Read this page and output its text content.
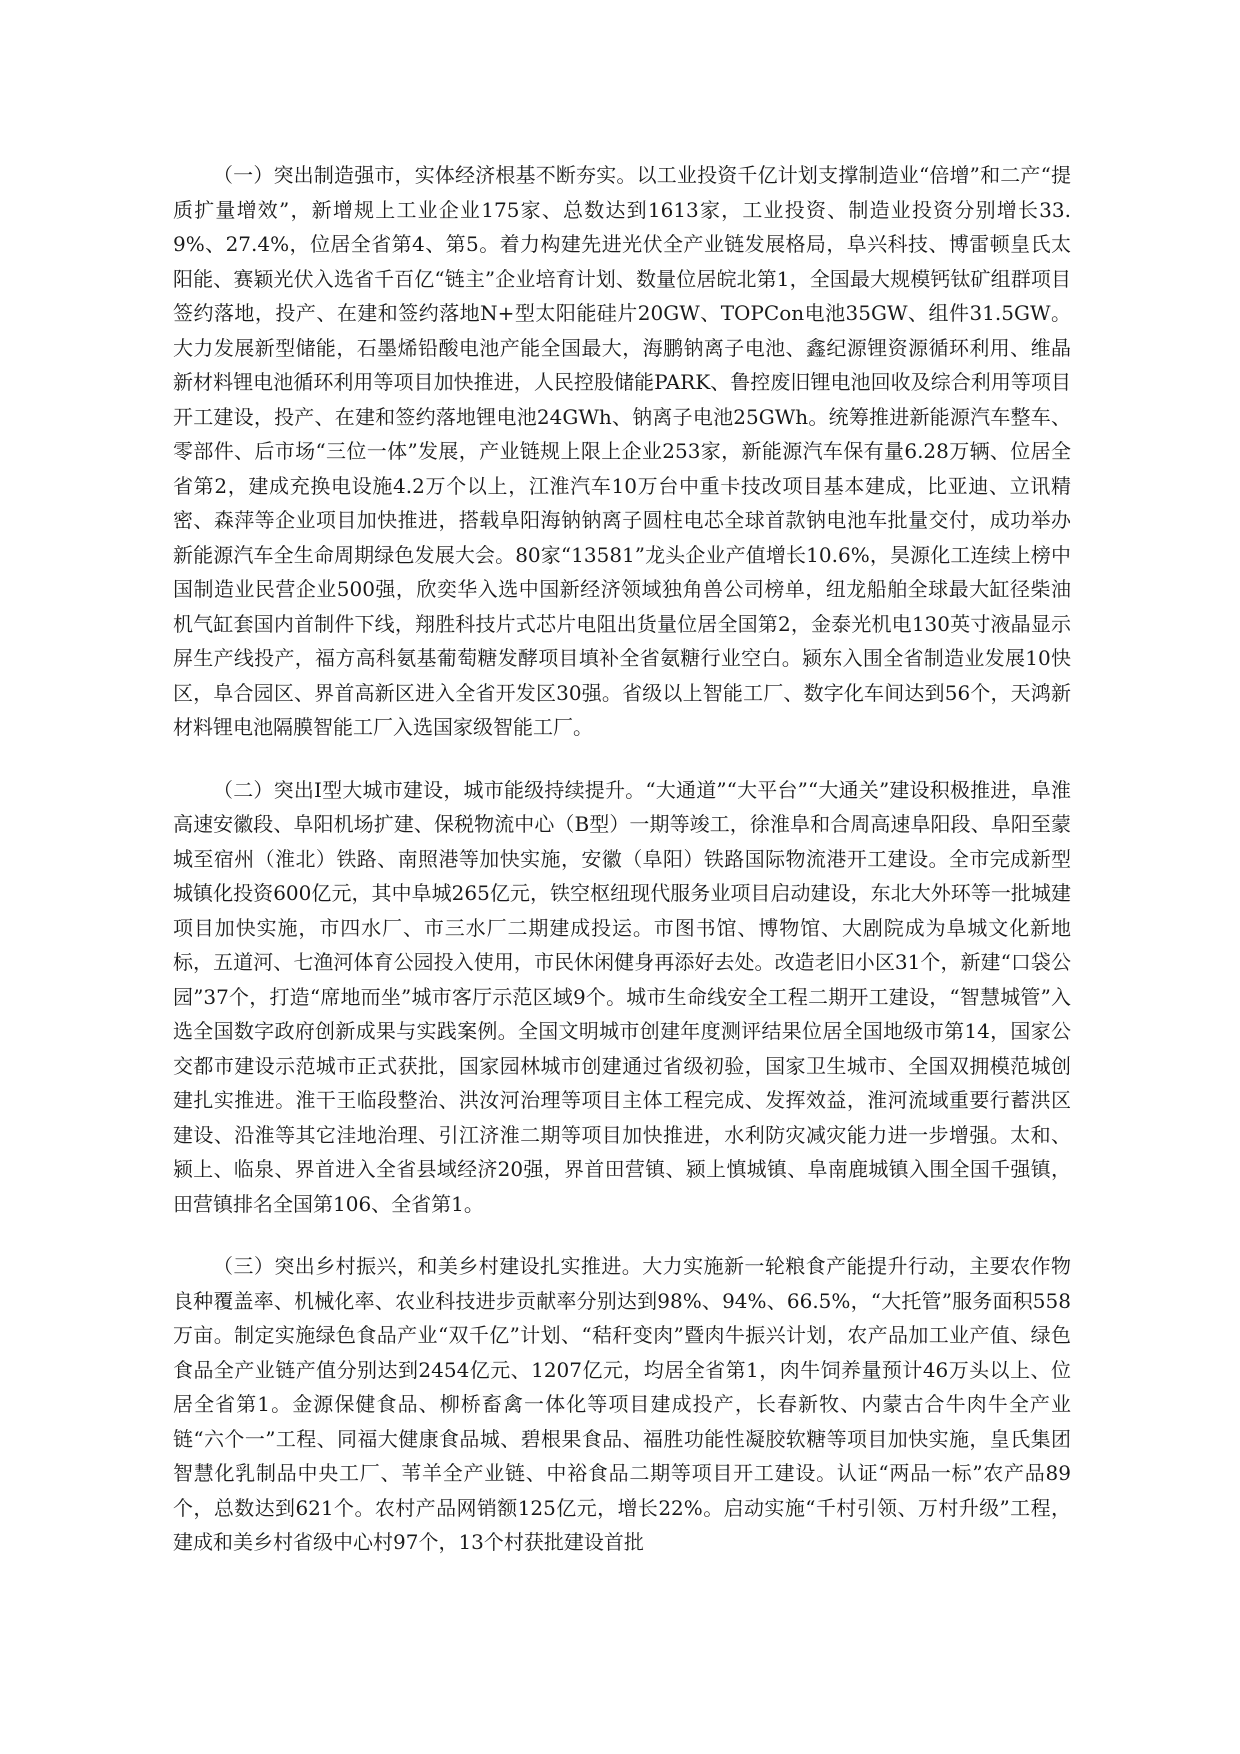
（一）突出制造强市，实体经济根基不断夯实。以工业投资千亿计划支撑制造业“倍增”和二产“提质扩量增效”，新增规上工业企业175家、总数达到1613家，工业投资、制造业投资分别增长33.9%、27.4%，位居全省第4、第5。着力构建先进光伏全产业链发展格局，阜兴科技、博雷顿皇氏太阳能、赛颖光伏入选省千百亿“链主”企业培育计划、数量位居皖北第1，全国最大规模钙钛矿组群项目签约落地，投产、在建和签约落地N+型太阳能硅片20GW、TOPCon电池35GW、组件31.5GW。大力发展新型储能，石墨烯铅酸电池产能全国最大，海鹏钠离子电池、鑫纪源锂资源循环利用、维晶新材料锂电池循环利用等项目加快推进，人民控股储能PARK、鲁控废旧锂电池回收及综合利用等项目开工建设，投产、在建和签约落地锂电池24GWh、钠离子电池25GWh。统筹推进新能源汽车整车、零部件、后市场“三位一体”发展，产业链规上限上企业253家，新能源汽车保有量6.28万辆、位居全省第2，建成充换电设施4.2万个以上，江淮汽车10万台中重卡技改项目基本建成，比亚迪、立讯精密、森萍等企业项目加快推进，搭载阜阳海钠钠离子圆柱电芯全球首款钠电池车批量交付，成功举办新能源汽车全生命周期绿色发展大会。80家“13581”龙头企业产值增长10.6%，昊源化工连续上榜中国制造业民营企业500强，欣奕华入选中国新经济领域独角兽公司榜单，纽龙船舶全球最大缸径柴油机气缸套国内首制件下线，翔胜科技片式芯片电阻出货量位居全国第2，金泰光机电130英寸液晶显示屏生产线投产，福方高科氨基葡萄糖发酵项目填补全省氨糖行业空白。颍东入围全省制造业发展10快区，阜合园区、界首高新区进入全省开发区30强。省级以上智能工厂、数字化车间达到56个，天鸿新材料锂电池隔膜智能工厂入选国家级智能工厂。

（二）突出I型大城市建设，城市能级持续提升。“大通道”“大平台”“大通关”建设积极推进，阜淮高速安徽段、阜阳机场扩建、保税物流中心（B型）一期等竣工，徐淮阜和合周高速阜阳段、阜阳至蒙城至宿州（淮北）铁路、南照港等加快实施，安徽（阜阳）铁路国际物流港开工建设。全市完成新型城镇化投资600亿元，其中阜城265亿元，铁空枢纽现代服务业项目启动建设，东北大外环等一批城建项目加快实施，市四水厂、市三水厂二期建成投运。市图书馆、博物馆、大剧院成为阜城文化新地标，五道河、七渔河体育公园投入使用，市民休闲健身再添好去处。改造老旧小区31个，新建“口袋公园”37个，打造“席地而坐”城市客厅示范区域9个。城市生命线安全工程二期开工建设，“智慧城管”入选全国数字政府创新成果与实践案例。全国文明城市创建年度测评结果位居全国地级市第14，国家公交都市建设示范城市正式获批，国家园林城市创建通过省级初验，国家卫生城市、全国双拥模范城创建扎实推进。淮干王临段整治、洪汝河治理等项目主体工程完成、发挥效益，淮河流域重要行蓄洪区建设、沿淮等其它洼地治理、引江济淮二期等项目加快推进，水利防灾减灾能力进一步增强。太和、颍上、临泉、界首进入全省县域经济20强，界首田营镇、颍上慎城镇、阜南鹿城镇入围全国千强镇，田营镇排名全国第106、全省第1。

（三）突出乡村振兴，和美乡村建设扎实推进。大力实施新一轮粮食产能提升行动，主要农作物良种覆盖率、机械化率、农业科技进步贡献率分别达到98%、94%、66.5%，“大托管”服务面积558万亩。制定实施绿色食品产业“双千亿”计划、“秸秆变肉”暨肉牛振兴计划，农产品加工业产值、绿色食品全产业链产值分别达到2454亿元、1207亿元，均居全省第1，肉牛饲养量预计46万头以上、位居全省第1。金源保健食品、柳桥畜禽一体化等项目建成投产，长春新牧、内蒙古合牛肉牛全产业链“六个一”工程、同福大健康食品城、碧根果食品、福胜功能性凝胶软糖等项目加快实施，皇氏集团智慧化乳制品中央工厂、苇羊全产业链、中裕食品二期等项目开工建设。认证“两品一标”农产品89个，总数达到621个。农村产品网销额125亿元，增长22%。启动实施“千村引领、万村升级”工程，建成和美乡村省级中心村97个，13个村获批建设首批
